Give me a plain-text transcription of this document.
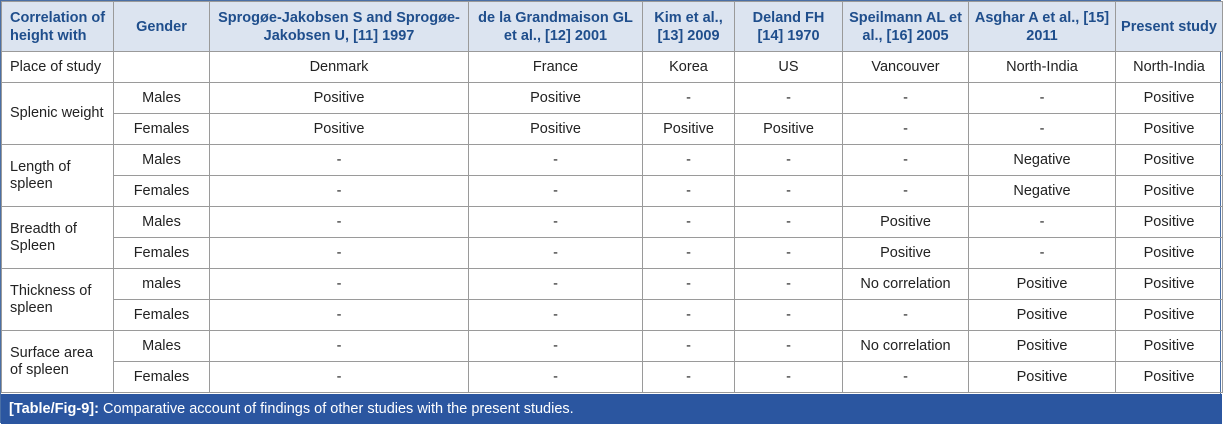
Correlation of height with	Gender	Sprogøe-Jakobsen S and Sprogøe-Jakobsen U, [11] 1997	de la Grandmaison GL et al., [12] 2001	Kim et al., [13] 2009	Deland FH [14] 1970	Speilmann AL et al., [16] 2005	Asghar A et al., [15] 2011	Present study
Place of study		Denmark	France	Korea	US	Vancouver	North-India	North-India
Splenic weight	Males	Positive	Positive	-	-	-	-	Positive
	Females	Positive	Positive	Positive	Positive	-	-	Positive
Length of spleen	Males	-	-	-	-	-	Negative	Positive
	Females	-	-	-	-	-	Negative	Positive
Breadth of Spleen	Males	-	-	-	-	Positive	-	Positive
	Females	-	-	-	-	Positive	-	Positive
Thickness of spleen	males	-	-	-	-	No correlation	Positive	Positive
	Females	-	-	-	-	-	Positive	Positive
Surface area of spleen	Males	-	-	-	-	No correlation	Positive	Positive
	Females	-	-	-	-	-	Positive	Positive
[Table/Fig-9]: Comparative account of findings of other studies with the present studies.
